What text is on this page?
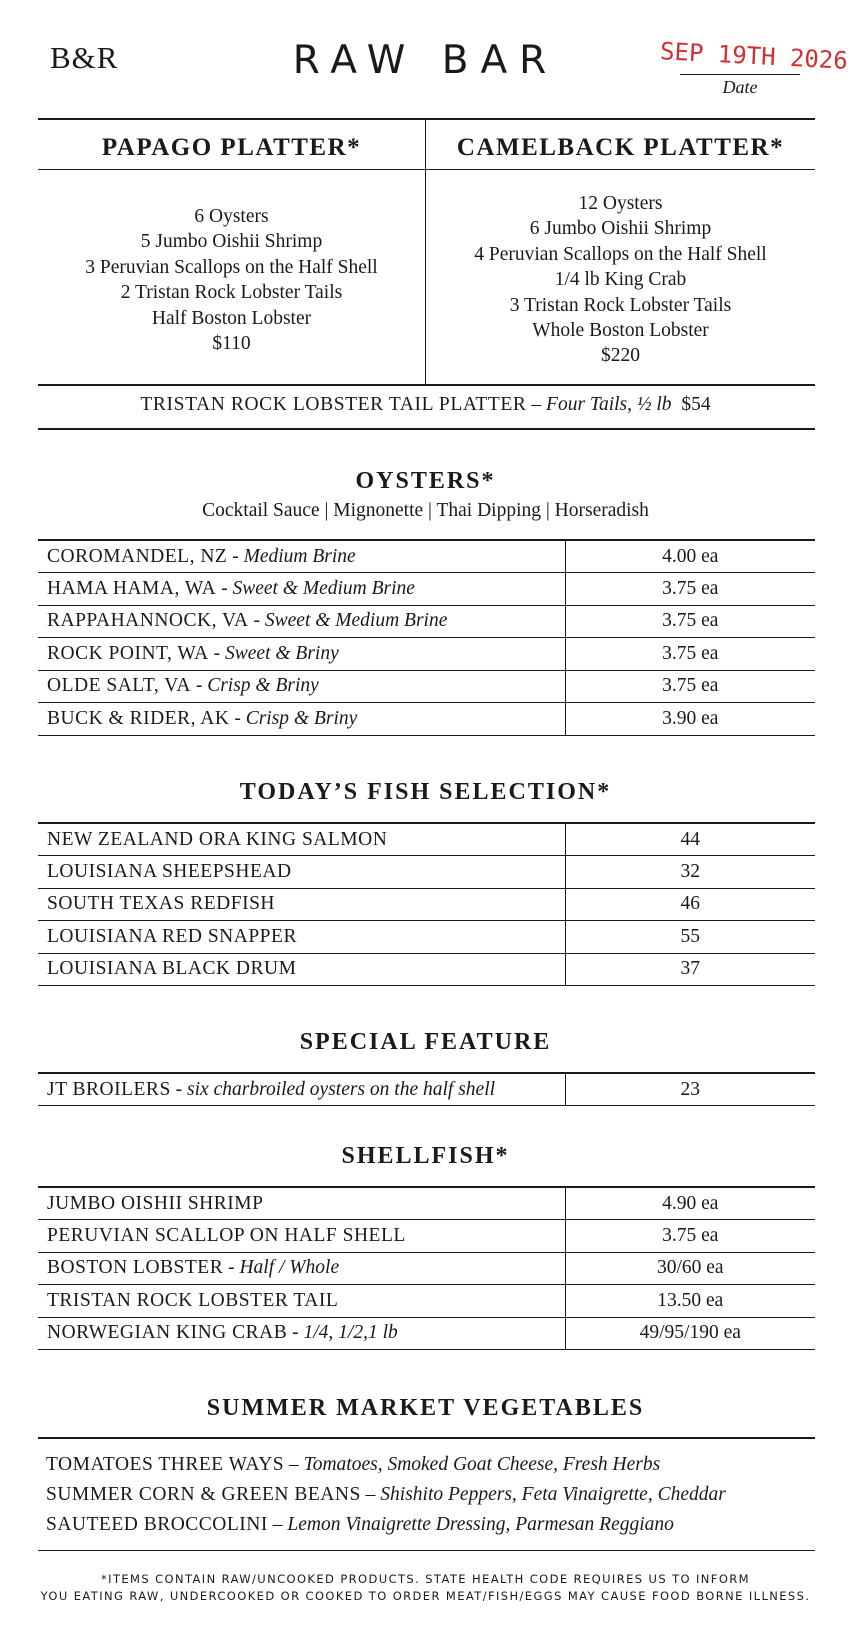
B&R	RAW BAR	SEP 19TH 2026
Date
PAPAGO PLATTER*	CAMELBACK PLATTER*
6 Oysters
5 Jumbo Oishii Shrimp
3 Peruvian Scallops on the Half Shell
2 Tristan Rock Lobster Tails
Half Boston Lobster
$110
12 Oysters
6 Jumbo Oishii Shrimp
4 Peruvian Scallops on the Half Shell
1/4 lb King Crab
3 Tristan Rock Lobster Tails
Whole Boston Lobster
$220
TRISTAN ROCK LOBSTER TAIL PLATTER – Four Tails, ½ lb $54
OYSTERS*
Cocktail Sauce | Mignonette | Thai Dipping | Horseradish
COROMANDEL, NZ - Medium Brine	4.00 ea
HAMA HAMA, WA - Sweet & Medium Brine	3.75 ea
RAPPAHANNOCK, VA - Sweet & Medium Brine	3.75 ea
ROCK POINT, WA - Sweet & Briny	3.75 ea
OLDE SALT, VA - Crisp & Briny	3.75 ea
BUCK & RIDER, AK - Crisp & Briny	3.90 ea
TODAY’S FISH SELECTION*
NEW ZEALAND ORA KING SALMON	44
LOUISIANA SHEEPSHEAD	32
SOUTH TEXAS REDFISH	46
LOUISIANA RED SNAPPER	55
LOUISIANA BLACK DRUM	37
SPECIAL FEATURE
JT BROILERS - six charbroiled oysters on the half shell	23
SHELLFISH*
JUMBO OISHII SHRIMP	4.90 ea
PERUVIAN SCALLOP ON HALF SHELL	3.75 ea
BOSTON LOBSTER - Half / Whole	30/60 ea
TRISTAN ROCK LOBSTER TAIL	13.50 ea
NORWEGIAN KING CRAB - 1/4, 1/2,1 lb	49/95/190 ea
SUMMER MARKET VEGETABLES
TOMATOES THREE WAYS – Tomatoes, Smoked Goat Cheese, Fresh Herbs
SUMMER CORN & GREEN BEANS – Shishito Peppers, Feta Vinaigrette, Cheddar
SAUTEED BROCCOLINI – Lemon Vinaigrette Dressing, Parmesan Reggiano
*ITEMS CONTAIN RAW/UNCOOKED PRODUCTS. STATE HEALTH CODE REQUIRES US TO INFORM
YOU EATING RAW, UNDERCOOKED OR COOKED TO ORDER MEAT/FISH/EGGS MAY CAUSE FOOD BORNE ILLNESS.
